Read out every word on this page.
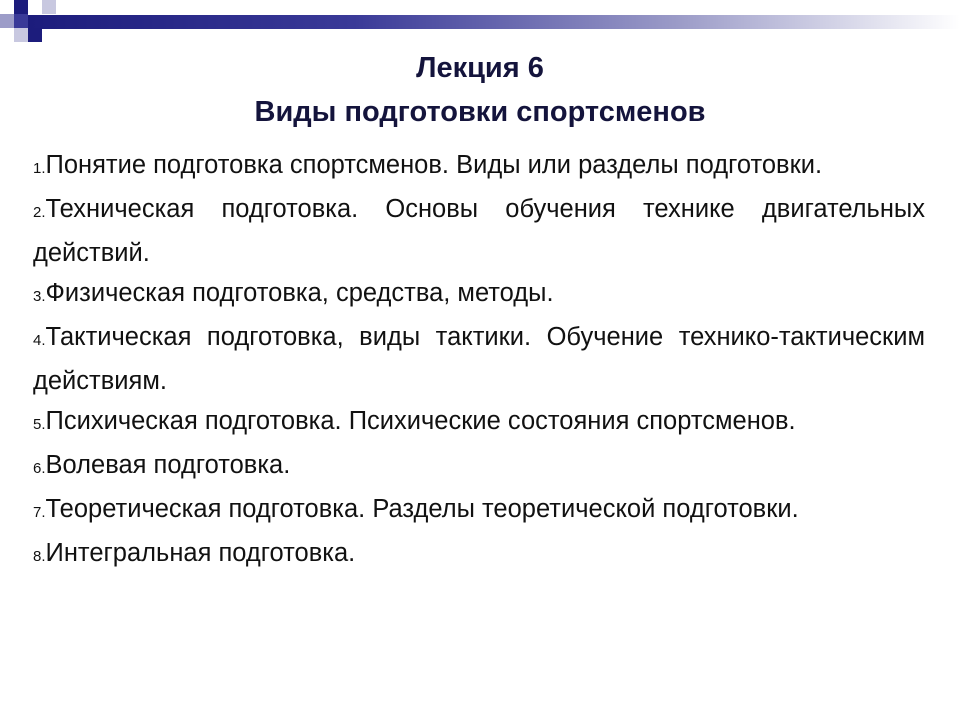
Лекция 6
Виды подготовки спортсменов
1.Понятие подготовка спортсменов. Виды или разделы подготовки.
2.Техническая подготовка. Основы обучения технике двигательных действий.
3.Физическая подготовка, средства, методы.
4.Тактическая подготовка, виды тактики. Обучение технико-тактическим действиям.
5.Психическая подготовка. Психические состояния спортсменов.
6.Волевая подготовка.
7.Теоретическая подготовка. Разделы теоретической подготовки.
8.Интегральная подготовка.
